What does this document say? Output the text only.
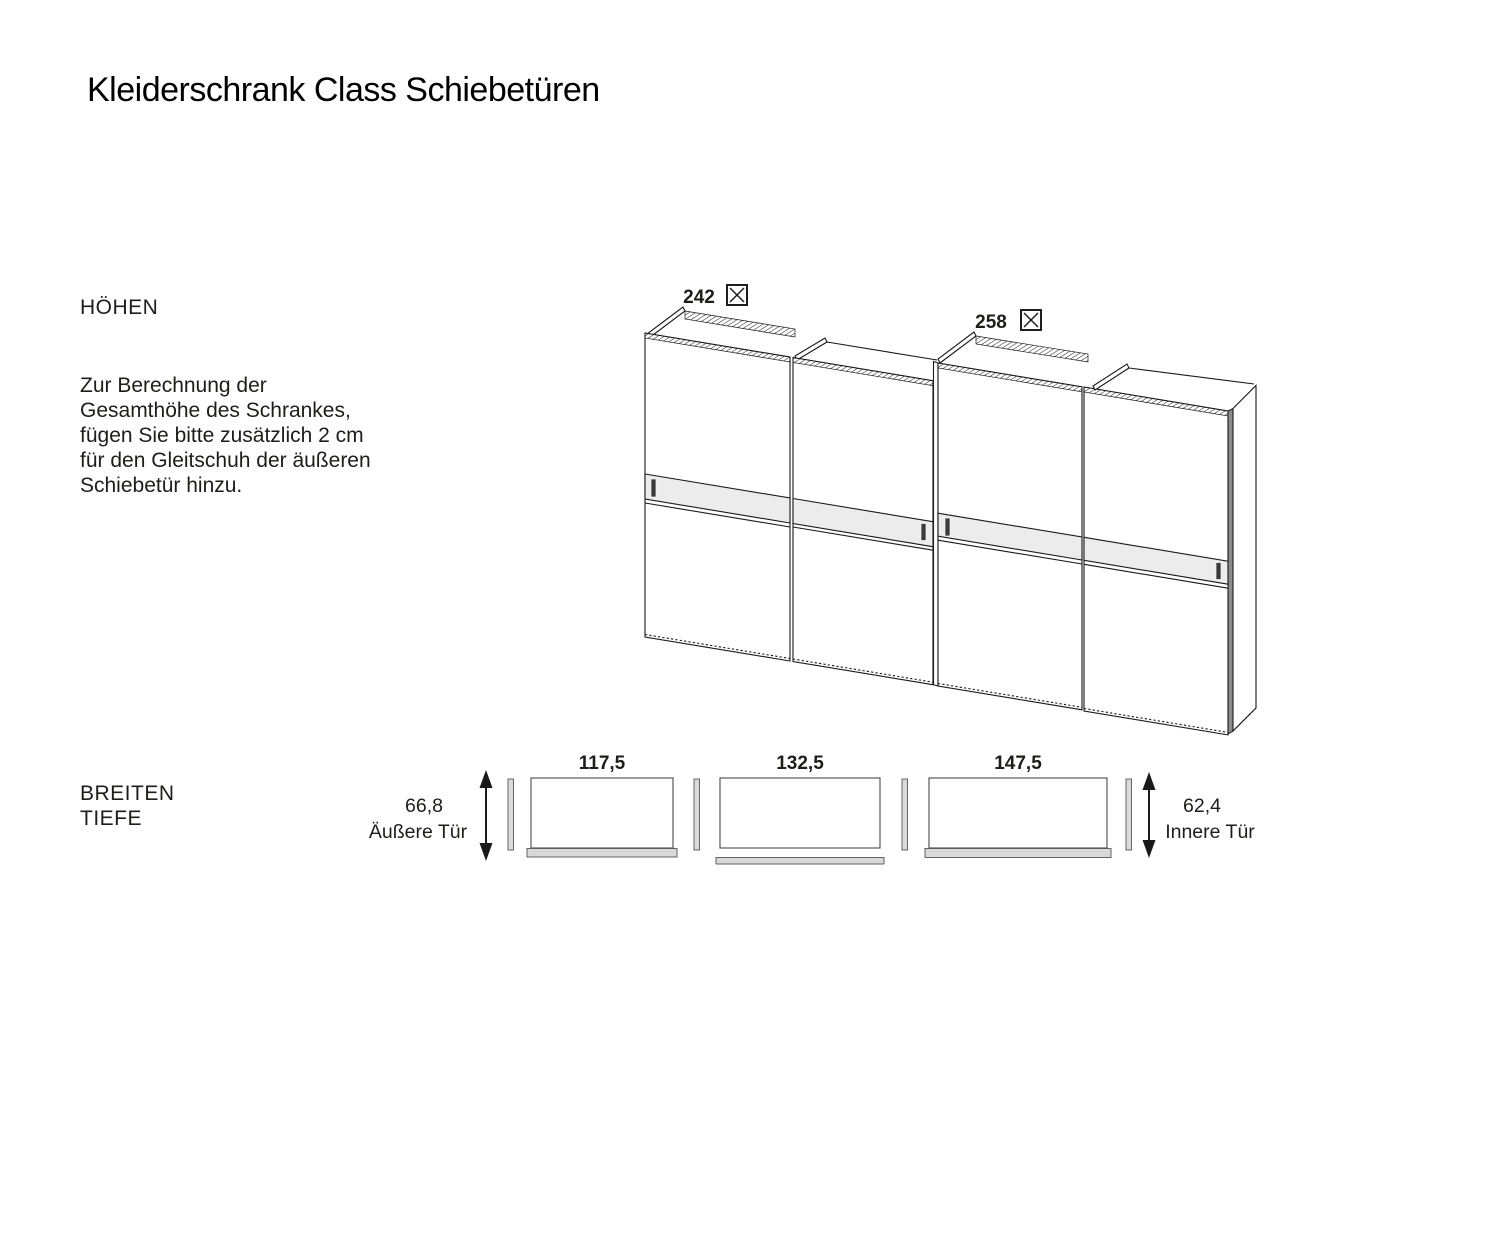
Kleiderschrank Class Schiebetüren
HÖHEN
Zur Berechnung der
Gesamthöhe des Schrankes,
fügen Sie bitte zusätzlich 2 cm
für den Gleitschuh der äußeren
Schiebetür hinzu.
BREITEN
TIEFE
242
258
66,8
Äußere Tür
117,5	132,5	147,5
62,4
Innere Tür
